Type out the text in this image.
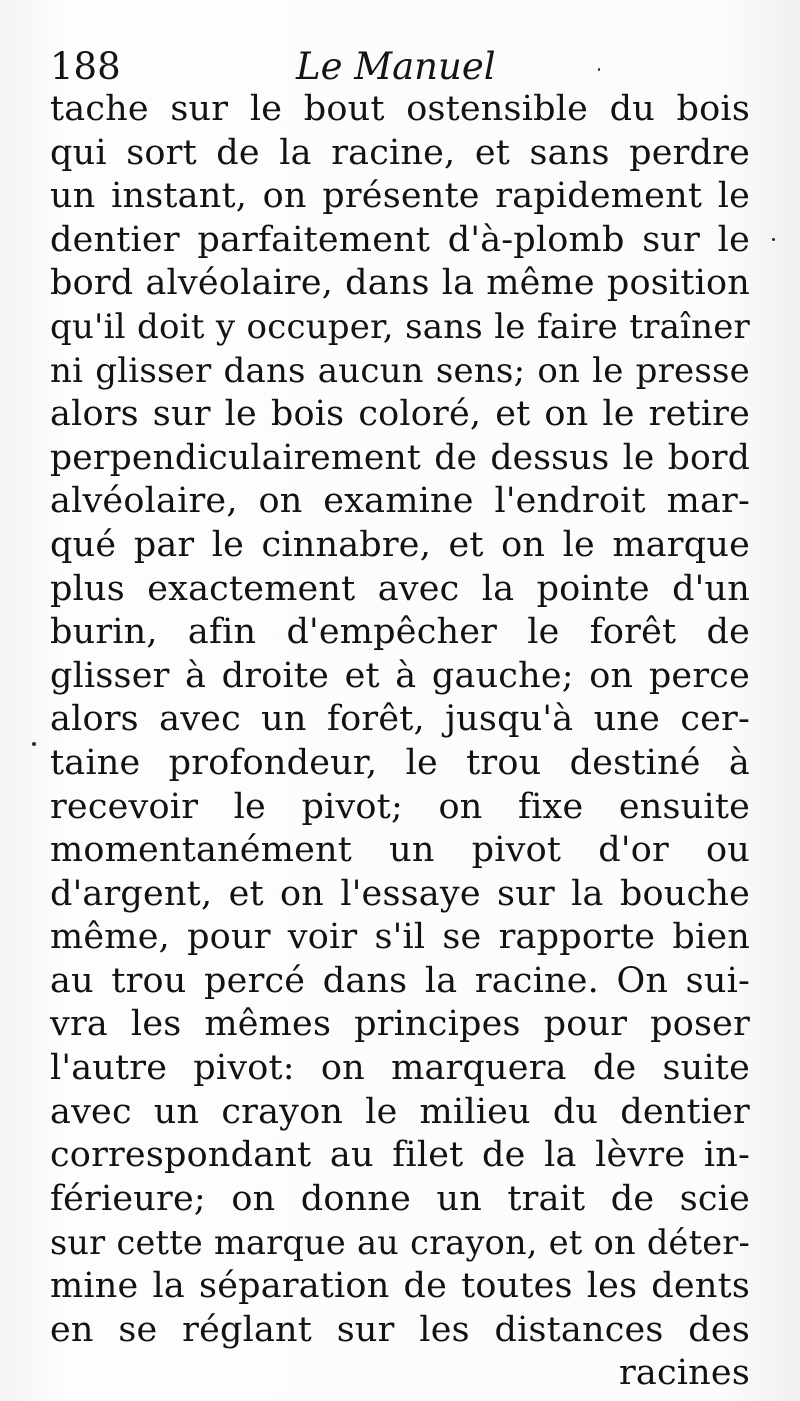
188	Le Manuel
tache sur le bout ostensible du bois
qui sort de la racine, et sans perdre
un instant, on présente rapidement le
dentier parfaitement d'à-plomb sur le
bord alvéolaire, dans la même position
qu'il doit y occuper, sans le faire traîner
ni glisser dans aucun sens; on le presse
alors sur le bois coloré, et on le retire
perpendiculairement de dessus le bord
alvéolaire, on examine l'endroit mar-
qué par le cinnabre, et on le marque
plus exactement avec la pointe d'un
burin, afin d'empêcher le forêt de
glisser à droite et à gauche; on perce
alors avec un forêt, jusqu'à une cer-
taine profondeur, le trou destiné à
recevoir le pivot; on fixe ensuite
momentanément un pivot d'or ou
d'argent, et on l'essaye sur la bouche
même, pour voir s'il se rapporte bien
au trou percé dans la racine. On sui-
vra les mêmes principes pour poser
l'autre pivot: on marquera de suite
avec un crayon le milieu du dentier
correspondant au filet de la lèvre in-
férieure; on donne un trait de scie
sur cette marque au crayon, et on déter-
mine la séparation de toutes les dents
en se réglant sur les distances des
racines
